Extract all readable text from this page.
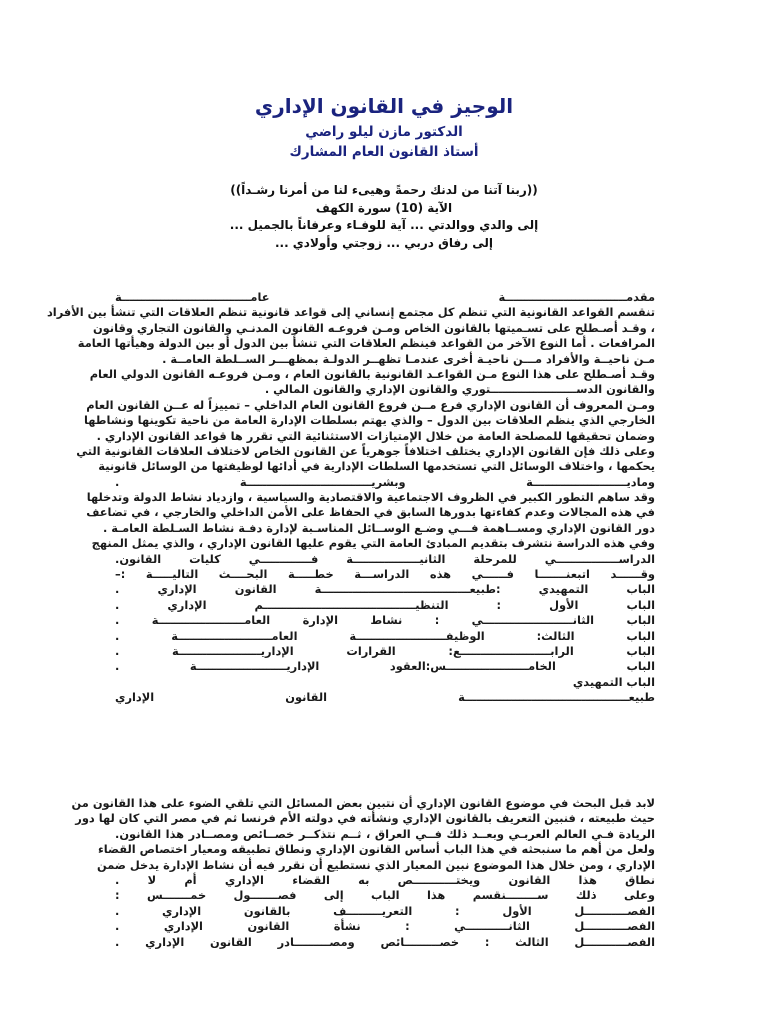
الوجيز في القانون الإداري
الدكتور مازن ليلو راضي
أستاذ القانون العام المشارك
((ربنا آتنا من لدنك رحمةً وهيىء لنا من أمرنا رشـداً))
الآية (10) سورة الكهف
إلى والدي ووالدتي ... آية للوفـاء وعرفاناً بالجميل ...
إلى رفاق دربي ... زوجتي وأولادي ...
مقدمـــــــــــــــــــــــــــــــة عامـــــــــــــــــــــــــــــــــة
تنقسم القواعد القانونية التي تنظم كل مجتمع إنساني إلى قواعد قانونية تنظم العلاقات التي تنشأ بين الأفراد
، وقـد أصـطلح على تسـميتها بالقانون الخاص ومـن فروعـه القانون المدنـي والقانون التجاري وقانون
المرافعات . أما النوع الآخر من القواعد فينظم العلاقات التي تنشأ بين الدول أو بين الدولة وهيأتها العامة
مـن ناحيــة والأفراد مـــن ناحيـة أخرى عندمـا تظهــر الدولـة بمظهـــر الســلطة العامــة .
وقـد أصـطلح على هذا النوع مـن القواعـد القانونية بالقانون العام ، ومـن فروعـه القانون الدولي العام
والقانون الدســــــــــــــــــــــتوري والقانون الإداري والقانون المالي .
ومـن المعروف أن القانون الإداري فرع مــن فروع القانون العام الداخلي – تمييزاً له عــن القانون العام
الخارجي الذي ينظم العلاقات بين الدول – والذي يهتم بسلطات الإدارة العامة من ناحية تكوينها ونشاطها
وضمان تحقيقها للمصلحة العامة من خلال الإمتيازات الاستثنائية التي تقرر ها قواعد القانون الإداري .
وعلى ذلك فإن القانون الإداري يختلف اختلافاً جوهرياً عن القانون الخاص لاختلاف العلاقات القانونية التي
يحكمها ، واختلاف الوسائل التي تستخدمها السلطات الإدارية في أدائها لوظيفتها من الوسائل قانونية
ومادیــــــــــــــــــــــــة وبشريــــــــــــــــــــــــــــــــة .
وقد ساهم التطور الكبير في الظروف الاجتماعية والاقتصادية والسياسية ، وازدياد نشاط الدولة وتدخلها
في هذه المجالات وعدم كفاءتها بدورها السابق في الحفاظ على الأمن الداخلي والخارجي ، في تضاعف
دور القانون الإداري ومســاهمة فـــي وضـع الوســائل المناسـبة لإدارة دفـة نشاط السـلطة العامـة .
وفي هذه الدراسة نتشرف بتقديم المبادئ العامة التي يقوم عليها القانون الإداري ، والذي يمثل المنهج
الدراســــــــــــــــي للمرحلة الثانيـــــــــــــــــة فـــــــــــــي كليات القانون.
وقــــــد اتبعنـــــــا فــــــي هذه الدراســـة خطـــــة البحــــث التاليـــــة :–
الباب التمهيدي :طبيعــــــــــــــــــــــــــــــــــــــة القانون الإداري .
الباب الأول : التنظيـــــــــــــــــــــــــــــــــــــــم الإداري .
الباب الثانـــــــــــــــــــــــي : نشاط الإدارة العامــــــــــــــــــــــة .
الباب الثالث: الوظيفـــــــــــــــــــــــة العامــــــــــــــــــــــــة .
الباب الرابـــــــــــــــــــــــع: القرارات الإداريـــــــــــــــــــــة .
الباب الخامـــــــــــــــــــــس:العقود الإداريـــــــــــــــــــــــة .
الباب التمهيدي
طبيعــــــــــــــــــــــــــــــــــــــــــة القانون الإداري
لابد قبل البحث في موضوع القانون الإداري أن نتبين بعض المسائل التي تلقي الضوء على هذا القانون من
حيث طبيعته ، فنبين التعريف بالقانون الإداري ونشأته في دولته الأم فرنسا ثم في مصر التي كان لها دور
الريادة فـي العالم العربـي وبعــد ذلك فــي العراق ، ثــم نتذكــر خصــائص ومصــادر هذا القانون.
ولعل من أهم ما سنبحثه في هذا الباب أساس القانون الإداري ونطاق تطبيقه ومعيار اختصاص القضاء
الإداري ، ومن خلال هذا الموضوع نبين المعيار الذي نستطيع أن نقرر فيه أن نشاط الإدارة يدخل ضمن
نطاق هذا القانون ويختـــــــــــص به القضاء الإداري أم لا .
وعلى ذلك ســــــــنقسم هذا الباب إلى فصـــــــول خمـــــــس :
الفصـــــــــــل الأول : التعريـــــــــف بالقانون الإداري .
الفصـــــــــــل الثانـــــــــــي : نشأة القانون الإداري .
الفصـــــــــــل الثالث : خصـــــــــائص ومصـــــــــادر القانون الإداري .
